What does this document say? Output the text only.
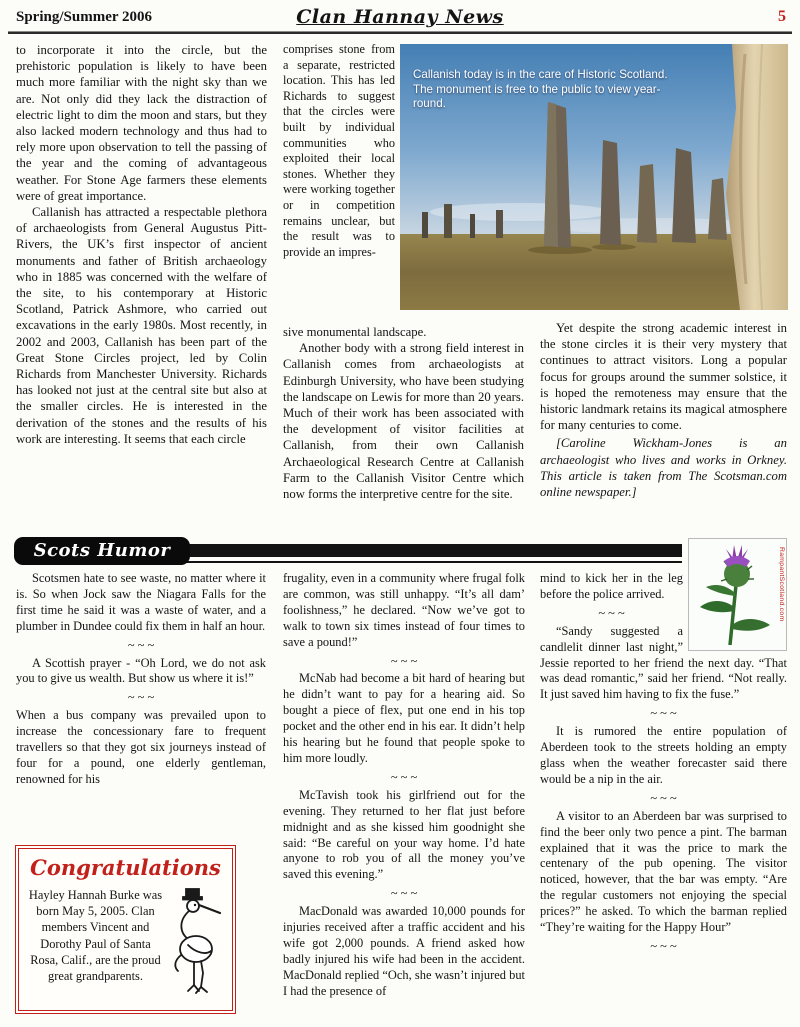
Spring/Summer 2006	Clan Hannay News	5

to incorporate it into the circle, but the prehistoric population is likely to have been much more familiar with the night sky than we are. Not only did they lack the distraction of electric light to dim the moon and stars, but they also lacked modern technology and thus had to rely more upon observation to tell the passing of the year and the coming of advantageous weather. For Stone Age farmers these elements were of great importance.

Callanish has attracted a respectable plethora of archaeologists from General Augustus Pitt-Rivers, the UK’s first inspector of ancient monuments and father of British archaeology who in 1885 was concerned with the welfare of the site, to his contemporary at Historic Scotland, Patrick Ashmore, who carried out excavations in the early 1980s. Most recently, in 2002 and 2003, Callanish has been part of the Great Stone Circles project, led by Colin Richards from Manchester University. Richards has looked not just at the central site but also at the smaller circles. He is interested in the derivation of the stones and the results of his work are interesting. It seems that each circle

comprises stone from a separate, restricted location. This has led Richards to suggest that the circles were built by individual communities who exploited their local stones. Whether they were working together or in competition remains unclear, but the result was to provide an impres-

Callanish today is in the care of Historic Scotland. The monument is free to the public to view year-round.

sive monumental landscape.

Another body with a strong field interest in Callanish comes from archaeologists at Edinburgh University, who have been studying the landscape on Lewis for more than 20 years. Much of their work has been associated with the development of visitor facilities at Callanish, from their own Callanish Archaeological Research Centre at Callanish Farm to the Callanish Visitor Centre which now forms the interpretive centre for the site.

Yet despite the strong academic interest in the stone circles it is their very mystery that continues to attract visitors. Long a popular focus for groups around the summer solstice, it is hoped the remoteness may ensure that the historic landmark retains its magical atmosphere for many centuries to come.

[Caroline Wickham-Jones is an archaeologist who lives and works in Orkney. This article is taken from The Scotsman.com online newspaper.]

Scots Humor	RampantScotland.com

Scotsmen hate to see waste, no matter where it is. So when Jock saw the Niagara Falls for the first time he said it was a waste of water, and a plumber in Dundee could fix them in half an hour.

~ ~ ~

A Scottish prayer - “Oh Lord, we do not ask you to give us wealth. But show us where it is!”

~ ~ ~

When a bus company was prevailed upon to increase the concessionary fare to frequent travellers so that they got six journeys instead of four for a pound, one elderly gentleman, renowned for his

Congratulations

Hayley Hannah Burke was born May 5, 2005. Clan members Vincent and Dorothy Paul of Santa Rosa, Calif., are the proud great grandparents.

frugality, even in a community where frugal folk are common, was still unhappy. “It’s all dam’ foolishness,” he declared. “Now we’ve got to walk to town six times instead of four times to save a pound!”

~ ~ ~

McNab had become a bit hard of hearing but he didn’t want to pay for a hearing aid. So bought a piece of flex, put one end in his top pocket and the other end in his ear. It didn’t help his hearing but he found that people spoke to him more loudly.

~ ~ ~

McTavish took his girlfriend out for the evening. They returned to her flat just before midnight and as she kissed him goodnight she said: “Be careful on your way home. I’d hate anyone to rob you of all the money you’ve saved this evening.”

~ ~ ~

MacDonald was awarded 10,000 pounds for injuries received after a traffic accident and his wife got 2,000 pounds. A friend asked how badly injured his wife had been in the accident. MacDonald replied “Och, she wasn’t injured but I had the presence of

mind to kick her in the leg before the police arrived.

~ ~ ~

“Sandy suggested a candlelit dinner last night,” Jessie reported to her friend the next day. “That was dead romantic,” said her friend. “Not really. It just saved him having to fix the fuse.”

~ ~ ~

It is rumored the entire population of Aberdeen took to the streets holding an empty glass when the weather forecaster said there would be a nip in the air.

~ ~ ~

A visitor to an Aberdeen bar was surprised to find the beer only two pence a pint. The barman explained that it was the price to mark the centenary of the pub opening. The visitor noticed, however, that the bar was empty. “Are the regular customers not enjoying the special prices?” he asked. To which the barman replied “They’re waiting for the Happy Hour”

~ ~ ~
